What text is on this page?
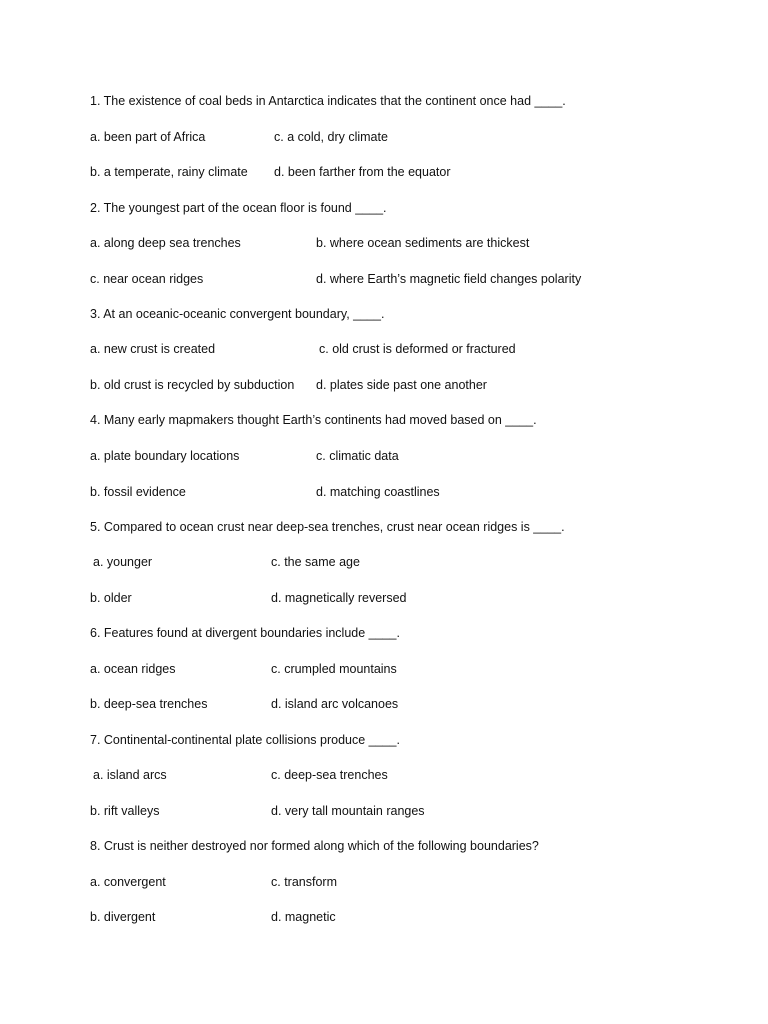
1. The existence of coal beds in Antarctica indicates that the continent once had ____.
a. been part of Africa	c. a cold, dry climate
b. a temperate, rainy climate d. been farther from the equator
2. The youngest part of the ocean floor is found ____.
a. along deep sea trenches	b. where ocean sediments are thickest
c. near ocean ridges	d. where Earth’s magnetic field changes polarity
3. At an oceanic-oceanic convergent boundary, ____.
a. new crust is created	c. old crust is deformed or fractured
b. old crust is recycled by subduction d. plates side past one another
4. Many early mapmakers thought Earth’s continents had moved based on ____.
a. plate boundary locations	c. climatic data
b. fossil evidence	d. matching coastlines
5. Compared to ocean crust near deep-sea trenches, crust near ocean ridges is ____.
a. younger	c. the same age
b. older	d. magnetically reversed
6. Features found at divergent boundaries include ____.
a. ocean ridges	c. crumpled mountains
b. deep-sea trenches	d. island arc volcanoes
7. Continental-continental plate collisions produce ____.
a. island arcs	c. deep-sea trenches
b. rift valleys	d. very tall mountain ranges
8. Crust is neither destroyed nor formed along which of the following boundaries?
a. convergent	c. transform
b. divergent	d. magnetic
